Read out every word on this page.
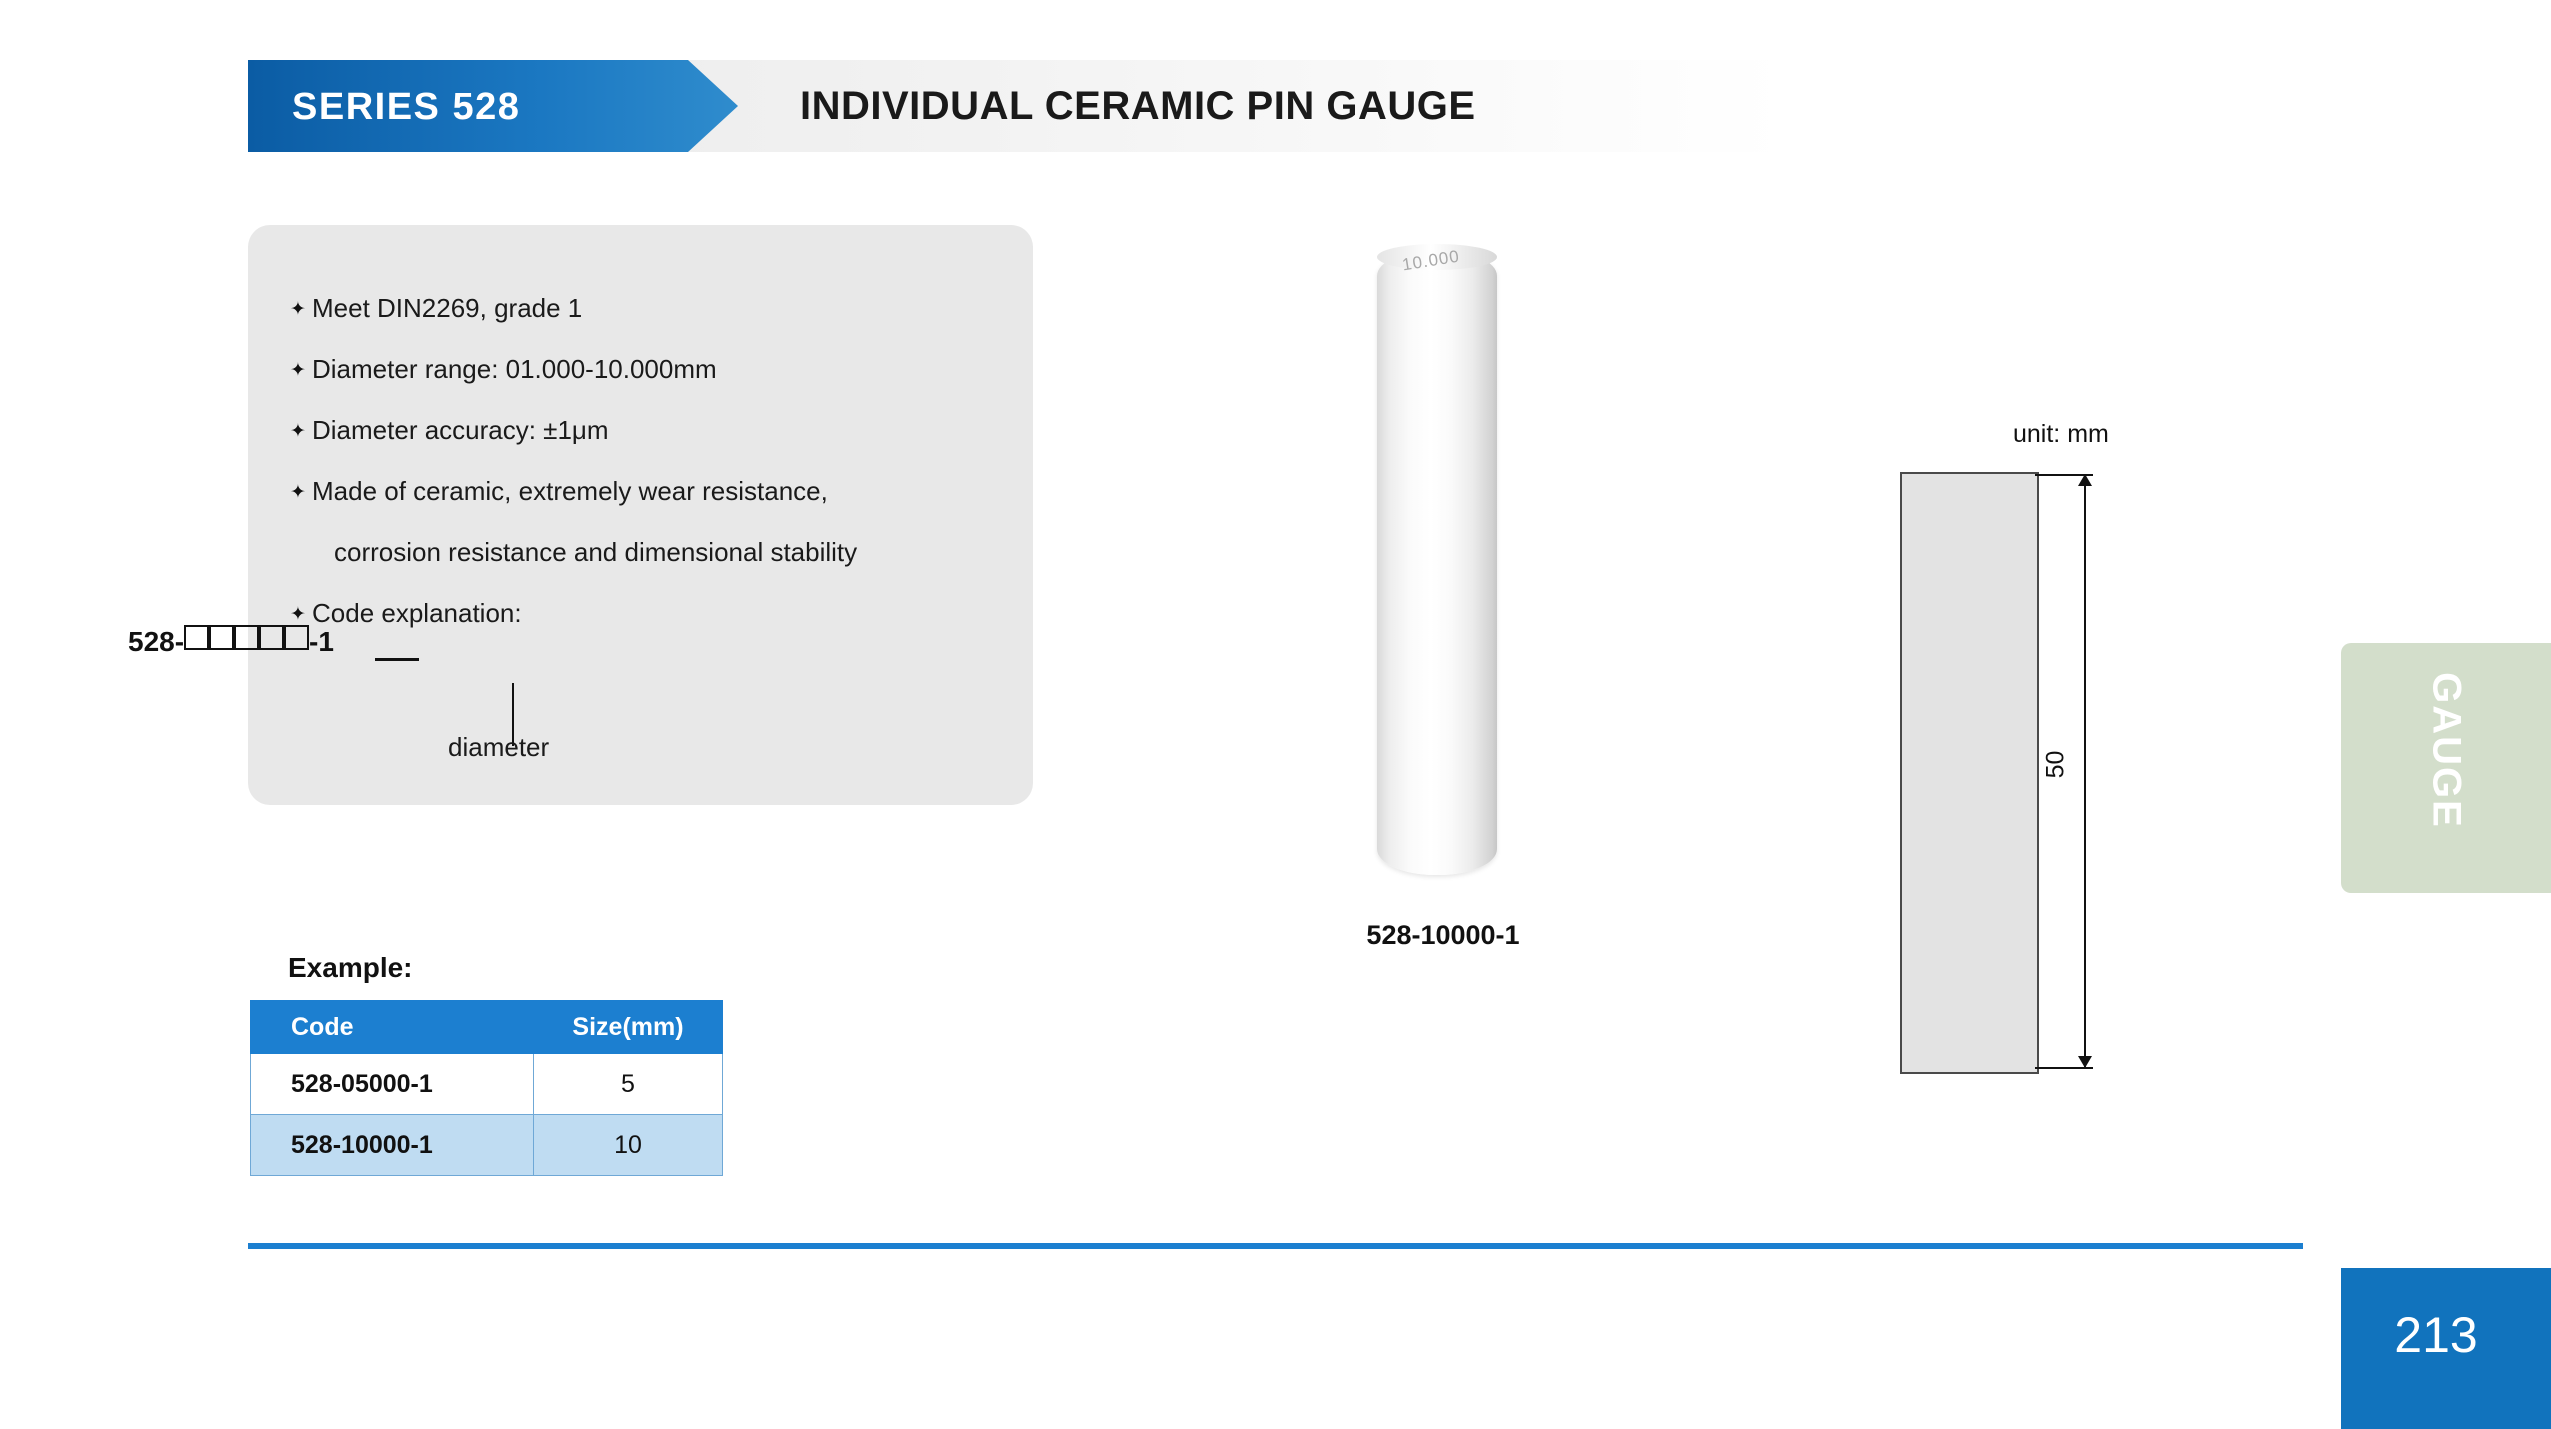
SERIES 528	INDIVIDUAL CERAMIC PIN GAUGE
✦ Meet DIN2269, grade 1
✦ Diameter range: 01.000-10.000mm
✦ Diameter accuracy: ±1μm
✦ Made of ceramic, extremely wear resistance,
corrosion resistance and dimensional stability
✦ Code explanation:
528-	-1
diameter
Example:
Code	Size(mm)
528-05000-1	5
528-10000-1	10
10.000
528-10000-1
unit: mm
50	GAUGE
213
